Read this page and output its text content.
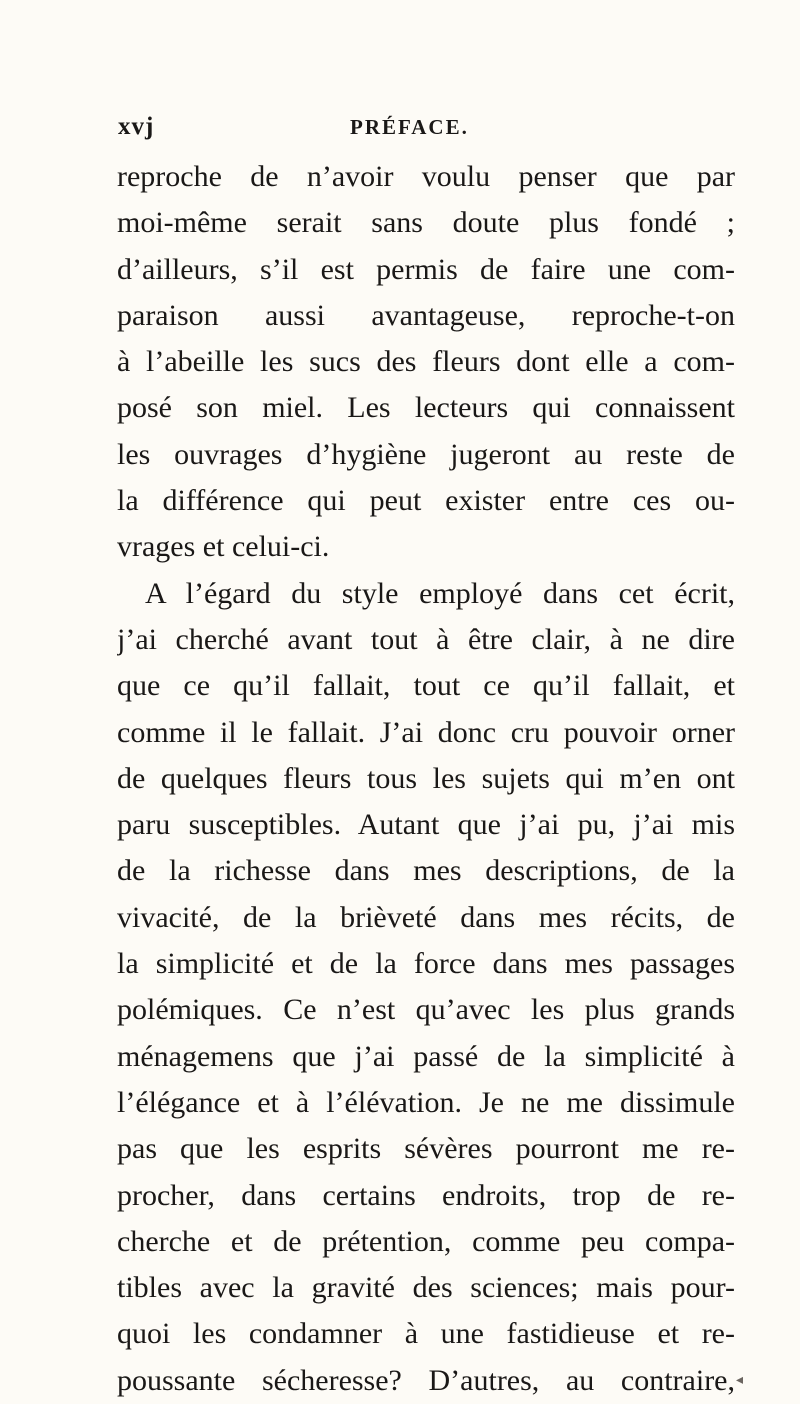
xvj	PRÉFACE.
reproche de n’avoir voulu penser que par
moi-même serait sans doute plus fondé ;
d’ailleurs, s’il est permis de faire une com-
paraison aussi avantageuse, reproche-t-on
à l’abeille les sucs des fleurs dont elle a com-
posé son miel. Les lecteurs qui connaissent
les ouvrages d’hygiène jugeront au reste de
la différence qui peut exister entre ces ou-
vrages et celui-ci.
A l’égard du style employé dans cet écrit,
j’ai cherché avant tout à être clair, à ne dire
que ce qu’il fallait, tout ce qu’il fallait, et
comme il le fallait. J’ai donc cru pouvoir orner
de quelques fleurs tous les sujets qui m’en ont
paru susceptibles. Autant que j’ai pu, j’ai mis
de la richesse dans mes descriptions, de la
vivacité, de la brièveté dans mes récits, de
la simplicité et de la force dans mes passages
polémiques. Ce n’est qu’avec les plus grands
ménagemens que j’ai passé de la simplicité à
l’élégance et à l’élévation. Je ne me dissimule
pas que les esprits sévères pourront me re-
procher, dans certains endroits, trop de re-
cherche et de prétention, comme peu compa-
tibles avec la gravité des sciences; mais pour-
quoi les condamner à une fastidieuse et re-
poussante sécheresse? D’autres, au contraire, ◂
